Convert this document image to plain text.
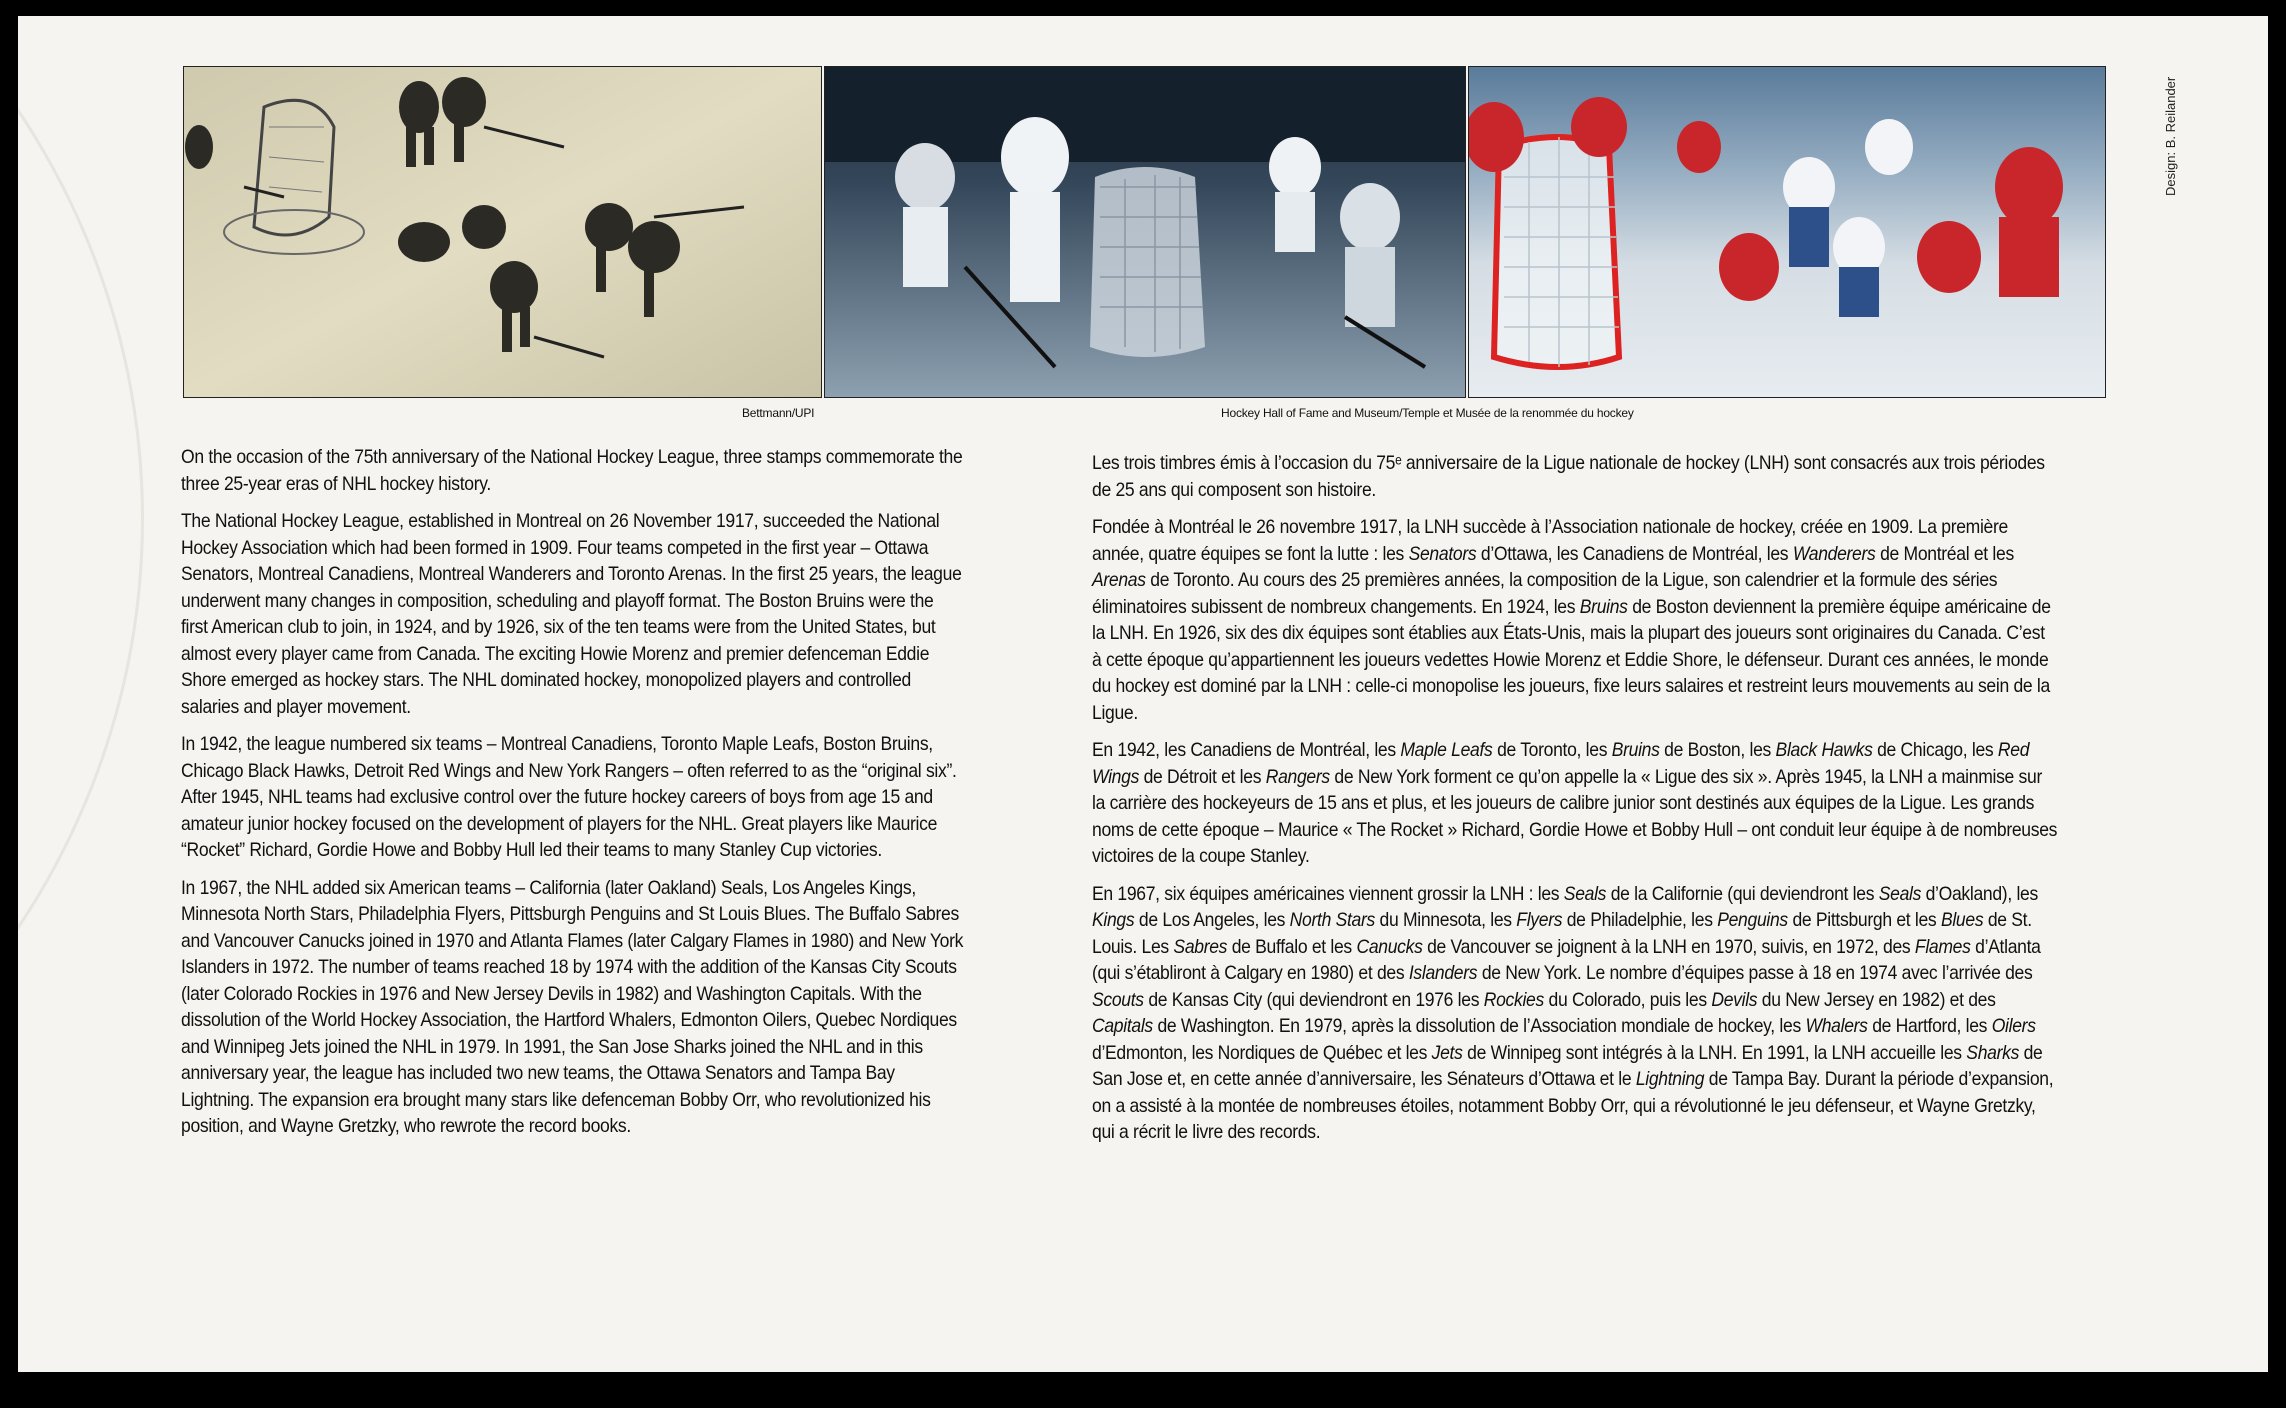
Bettmann/UPI	Hockey Hall of Fame and Museum/Temple et Musée de la renommée du hockey
Design: B. Reilander

On the occasion of the 75th anniversary of the National Hockey League, three stamps commemorate the three 25-year eras of NHL hockey history.

The National Hockey League, established in Montreal on 26 November 1917, succeeded the National Hockey Association which had been formed in 1909. Four teams competed in the first year – Ottawa Senators, Montreal Canadiens, Montreal Wanderers and Toronto Arenas. In the first 25 years, the league underwent many changes in composition, scheduling and playoff format. The Boston Bruins were the first American club to join, in 1924, and by 1926, six of the ten teams were from the United States, but almost every player came from Canada. The exciting Howie Morenz and premier defenceman Eddie Shore emerged as hockey stars. The NHL dominated hockey, monopolized players and controlled salaries and player movement.

In 1942, the league numbered six teams – Montreal Canadiens, Toronto Maple Leafs, Boston Bruins, Chicago Black Hawks, Detroit Red Wings and New York Rangers – often referred to as the “original six”. After 1945, NHL teams had exclusive control over the future hockey careers of boys from age 15 and amateur junior hockey focused on the development of players for the NHL. Great players like Maurice “Rocket” Richard, Gordie Howe and Bobby Hull led their teams to many Stanley Cup victories.

In 1967, the NHL added six American teams – California (later Oakland) Seals, Los Angeles Kings, Minnesota North Stars, Philadelphia Flyers, Pittsburgh Penguins and St Louis Blues. The Buffalo Sabres and Vancouver Canucks joined in 1970 and Atlanta Flames (later Calgary Flames in 1980) and New York Islanders in 1972. The number of teams reached 18 by 1974 with the addition of the Kansas City Scouts (later Colorado Rockies in 1976 and New Jersey Devils in 1982) and Washington Capitals. With the dissolution of the World Hockey Association, the Hartford Whalers, Edmonton Oilers, Quebec Nordiques and Winnipeg Jets joined the NHL in 1979. In 1991, the San Jose Sharks joined the NHL and in this anniversary year, the league has included two new teams, the Ottawa Senators and Tampa Bay Lightning. The expansion era brought many stars like defenceman Bobby Orr, who revolutionized his position, and Wayne Gretzky, who rewrote the record books.

Les trois timbres émis à l’occasion du 75ᵉ anniversaire de la Ligue nationale de hockey (LNH) sont consacrés aux trois périodes de 25 ans qui composent son histoire.

Fondée à Montréal le 26 novembre 1917, la LNH succède à l’Association nationale de hockey, créée en 1909. La première année, quatre équipes se font la lutte : les Senators d’Ottawa, les Canadiens de Montréal, les Wanderers de Montréal et les Arenas de Toronto. Au cours des 25 premières années, la composition de la Ligue, son calendrier et la formule des séries éliminatoires subissent de nombreux changements. En 1924, les Bruins de Boston deviennent la première équipe américaine de la LNH. En 1926, six des dix équipes sont établies aux États-Unis, mais la plupart des joueurs sont originaires du Canada. C’est à cette époque qu’appartiennent les joueurs vedettes Howie Morenz et Eddie Shore, le défenseur. Durant ces années, le monde du hockey est dominé par la LNH : celle-ci monopolise les joueurs, fixe leurs salaires et restreint leurs mouvements au sein de la Ligue.

En 1942, les Canadiens de Montréal, les Maple Leafs de Toronto, les Bruins de Boston, les Black Hawks de Chicago, les Red Wings de Détroit et les Rangers de New York forment ce qu’on appelle la « Ligue des six ». Après 1945, la LNH a mainmise sur la carrière des hockeyeurs de 15 ans et plus, et les joueurs de calibre junior sont destinés aux équipes de la Ligue. Les grands noms de cette époque – Maurice « The Rocket » Richard, Gordie Howe et Bobby Hull – ont conduit leur équipe à de nombreuses victoires de la coupe Stanley.

En 1967, six équipes américaines viennent grossir la LNH : les Seals de la Californie (qui deviendront les Seals d’Oakland), les Kings de Los Angeles, les North Stars du Minnesota, les Flyers de Philadelphie, les Penguins de Pittsburgh et les Blues de St. Louis. Les Sabres de Buffalo et les Canucks de Vancouver se joignent à la LNH en 1970, suivis, en 1972, des Flames d’Atlanta (qui s’établiront à Calgary en 1980) et des Islanders de New York. Le nombre d’équipes passe à 18 en 1974 avec l’arrivée des Scouts de Kansas City (qui deviendront en 1976 les Rockies du Colorado, puis les Devils du New Jersey en 1982) et des Capitals de Washington. En 1979, après la dissolution de l’Association mondiale de hockey, les Whalers de Hartford, les Oilers d’Edmonton, les Nordiques de Québec et les Jets de Winnipeg sont intégrés à la LNH. En 1991, la LNH accueille les Sharks de San Jose et, en cette année d’anniversaire, les Sénateurs d’Ottawa et le Lightning de Tampa Bay. Durant la période d’expansion, on a assisté à la montée de nombreuses étoiles, notamment Bobby Orr, qui a révolutionné le jeu défenseur, et Wayne Gretzky, qui a récrit le livre des records.
